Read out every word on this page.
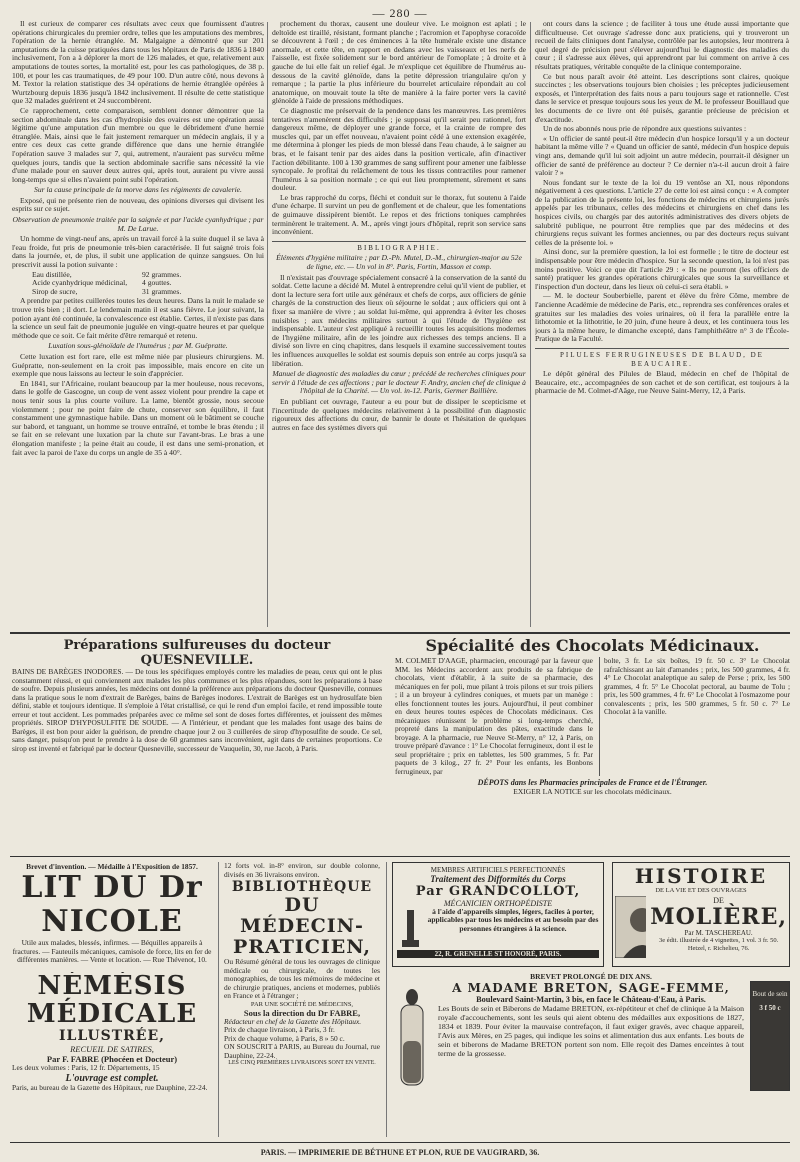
— 280 —

Il est curieux de comparer ces résultats avec ceux que fournissent d'autres opérations chirurgicales du premier ordre, telles que les amputations des membres, l'opération de la hernie étranglée. M. Malgaigne a démontré que sur 201 amputations de la cuisse pratiquées dans tous les hôpitaux de Paris de 1836 à 1840 inclusivement, l'on a à déplorer la mort de 126 malades, et que, relativement aux amputations de toutes sortes, la mortalité est, pour les cas pathologiques, de 38 p. 100, et pour les cas traumatiques, de 49 pour 100. D'un autre côté, nous devons à M. Textor la relation statistique des 34 opérations de hernie étranglée opérées à Wurtzbourg depuis 1836 jusqu'à 1842 inclusivement. Il résulte de cette statistique que 32 malades guérirent et 24 succombèrent.

Ce rapprochement, cette comparaison, semblent donner démontrer que la section abdominale dans les cas d'hydropisie des ovaires est une opération aussi légitime qu'une amputation d'un membre ou que le débridement d'une hernie étranglée. Mais, ainsi que le fait justement remarquer un médecin anglais, il y a entre ces deux cas cette grande différence que dans une hernie étranglée l'opération sauve 3 malades sur 7, qui, autrement, n'auraient pas survécu même quelques jours, tandis que la section abdominale sacrifie sans nécessité la vie d'une malade pour en sauver deux autres qui, après tout, auraient pu vivre aussi long-temps que si elles n'avaient point subi l'opération.

Sur la cause principale de la morve dans les régiments de cavalerie.

Exposé, qui ne présente rien de nouveau, des opinions diverses qui divisent les esprits sur ce sujet.

Observation de pneumonie traitée par la saignée et par l'acide cyanhydrique ; par M. De Larue.

Un homme de vingt-neuf ans, après un travail forcé à la suite duquel il se lava à l'eau froide, fut pris de pneumonie très-bien caractérisée. Il fut saigné trois fois dans la journée, et, de plus, il subit une application de quinze sangsues. On lui prescrivit aussi la potion suivante :

Eau distillée,	92 grammes.
Acide cyanhydrique médicinal,	4 gouttes.
Sirop de sucre,	31 grammes.

A prendre par petites cuillerées toutes les deux heures. Dans la nuit le malade se trouve très bien ; il dort. Le lendemain matin il est sans fièvre. Le jour suivant, la potion ayant été continuée, la convalescence est établie. Certes, il n'existe pas dans la science un seul fait de pneumonie jugulée en vingt-quatre heures et par quelque méthode que ce soit. Ce fait mérite d'être remarqué et retenu.

Luxation sous-glénoïdale de l'humérus ; par M. Guépratte.

Cette luxation est fort rare, elle est même niée par plusieurs chirurgiens. M. Guépratte, non-seulement en la croit pas impossible, mais encore en cite un exemple que nous laissons au lecteur le soin d'apprécier.

En 1841, sur l'Africaine, roulant beaucoup par la mer houleuse, nous recevons, dans le golfe de Gascogne, un coup de vent assez violent pour prendre la cape et nous tenir sous la plus courte voilure. La lame, bientôt grossie, nous secoue violemment ; pour ne point faire de chute, conserver son équilibre, il faut constamment une gymnastique habile. Dans un moment où le bâtiment se couche sur babord, et tanguant, un homme se trouve entraîné, et tombe le bras étendu ; il se fait en se relevant une luxation par la chute sur l'avant-bras. Le bras a une élongation manifeste ; la peine était au coude, il est dans une semi-pronation, et fait avec la paroi de l'axe du corps un angle de 35 à 40°.

prochement du thorax, causent une douleur vive. Le moignon est aplati ; le deltoïde est tiraillé, résistant, formant planche ; l'acromion et l'apophyse coracoïde se découvrent à l'œil ; de ces éminences à la tête humérale existe une distance anormale, et cette tête, en rapport en dedans avec les vaisseaux et les nerfs de l'aisselle, est fixée solidement sur le bord antérieur de l'omoplate ; à droite et à gauche de lui elle fait un relief égal. Je m'explique cet équilibre de l'humérus au-dessous de la cavité glénoïde, dans la petite dépression triangulaire qu'on y remarque ; la partie la plus inférieure du bourrelet articulaire répondait au col anatomique, on mouvait toute la tête de manière à la faire porter vers la cavité glénoïde à l'aide de pressions méthodiques.

Ce diagnostic me préservait de la pendence dans les manœuvres. Les premières tentatives n'amenèrent des difficultés ; je supposai qu'il serait peu rationnel, fort dangereux même, de déployer une grande force, et la crainte de rompre des muscles qui, par un effet nouveau, n'avaient point cédé à une extension exagérée, me détermina à plonger les pieds de mon blessé dans l'eau chaude, à le saigner au bras, et le faisant tenir par des aides dans la position verticale, afin d'inactiver l'action débilitante. 100 à 130 grammes de sang suffirent pour amener une faiblesse syncopale. Je profitai du relâchement de tous les tissus contractiles pour ramener l'humérus à sa position normale ; ce qui eut lieu promptement, sûrement et sans douleur.

Le bras rapproché du corps, fléchi et conduit sur le thorax, fut soutenu à l'aide d'une écharpe. Il survint un peu de gonflement et de chaleur, que les fomentations de guimauve dissipèrent bientôt. Le repos et des frictions toniques camphrées terminèrent le traitement. A. M., après vingt jours d'hôpital, reprit son service sans inconvénient.

BIBLIOGRAPHIE.

Éléments d'hygiène militaire ; par D.-Ph. Mutel, D.-M., chirurgien-major au 52e de ligne, etc. — Un vol in 8°. Paris, Fortin, Masson et comp.

Il n'existait pas d'ouvrage spécialement consacré à la conservation de la santé du soldat. Cette lacune a décidé M. Mutel à entreprendre celui qu'il vient de publier, et dont la lecture sera fort utile aux généraux et chefs de corps, aux officiers de génie chargés de la construction des lieux où séjourne le soldat ; aux officiers qui ont à fixer sa manière de vivre ; au soldat lui-même, qui apprendra à éviter les choses nuisibles ; aux médecins militaires surtout à qui l'étude de l'hygiène est indispensable. L'auteur s'est appliqué à recueillir toutes les acquisitions modernes de l'hygiène militaire, afin de les joindre aux richesses des temps anciens. Il a divisé son livre en cinq chapitres, dans lesquels il examine successivement toutes les influences auxquelles le soldat est soumis depuis son entrée au corps jusqu'à sa libération.

Manuel de diagnostic des maladies du cœur ; précédé de recherches cliniques pour servir à l'étude de ces affections ; par le docteur F. Andry, ancien chef de clinique à l'hôpital de la Charité. — Un vol. in-12. Paris, Germer Baillière.

En publiant cet ouvrage, l'auteur a eu pour but de dissiper le scepticisme et l'incertitude de quelques médecins relativement à la possibilité d'un diagnostic rigoureux des affections du cœur, de bannir le doute et l'hésitation de quelques autres en face des systèmes divers qui

ont cours dans la science ; de faciliter à tous une étude aussi importante que difficultueuse. Cet ouvrage s'adresse donc aux praticiens, qui y trouveront un recueil de faits cliniques dont l'analyse, contrôlée par les autopsies, leur montrera à quel degré de précision peut s'élever aujourd'hui le diagnostic des maladies du cœur ; il s'adresse aux élèves, qui apprendront par lui comment on arrive à ces résultats pratiques, véritable conquête de la clinique contemporaine.

Ce but nous paraît avoir été atteint. Les descriptions sont claires, quoique succinctes ; les observations toujours bien choisies ; les préceptes judicieusement exposés, et l'interprétation des faits nous a paru toujours sage et rationnelle. C'est dans le service et presque toujours sous les yeux de M. le professeur Bouillaud que les documents de ce livre ont été puisés, garantie précieuse de précision et d'exactitude.

Un de nos abonnés nous prie de répondre aux questions suivantes :

« Un officier de santé peut-il être médecin d'un hospice lorsqu'il y a un docteur habitant la même ville ? « Quand un officier de santé, médecin d'un hospice depuis vingt ans, demande qu'il lui soit adjoint un autre médecin, pourrait-il désigner un officier de santé de préférence au docteur ? Ce dernier n'a-t-il aucun droit à faire valoir ? »

Nous fondant sur le texte de la loi du 19 ventôse an XI, nous répondons négativement à ces questions. L'article 27 de cette loi est ainsi conçu : « A compter de la publication de la présente loi, les fonctions de médecins et chirurgiens jurés appelés par les tribunaux, celles des médecins et chirurgiens en chef dans les hospices civils, ou chargés par des autorités administratives des divers objets de salubrité publique, ne pourront être remplies que par des médecins et des chirurgiens reçus suivant les formes anciennes, ou par des docteurs reçus suivant celles de la présente loi. »

Ainsi donc, sur la première question, la loi est formelle ; le titre de docteur est indispensable pour être médecin d'hospice. Sur la seconde question, la loi n'est pas moins positive. Voici ce que dit l'article 29 : « Ils ne pourront (les officiers de santé) pratiquer les grandes opérations chirurgicales que sous la surveillance et l'inspection d'un docteur, dans les lieux où celui-ci sera établi. »

— M. le docteur Souberbielle, parent et élève du frère Côme, membre de l'ancienne Académie de médecine de Paris, etc., reprendra ses conférences orales et gratuites sur les maladies des voies urinaires, où il fera la parallèle entre la lithotomie et la lithotritie, le 20 juin, d'une heure à deux, et les continuera tous les jours à la même heure, le dimanche excepté, dans l'amphithéâtre n° 3 de l'École-Pratique de la Faculté.

PILULES FERRUGINEUSES DE BLAUD, DE BEAUCAIRE.

Le dépôt général des Pilules de Blaud, médecin en chef de l'hôpital de Beaucaire, etc., accompagnées de son cachet et de son certificat, est toujours à la pharmacie de M. Colmet-d'Aâge, rue Neuve Saint-Merry, 12, à Paris.

Préparations sulfureuses du docteur QUESNEVILLE.
BAINS DE BARÈGES INODORES. — De tous les spécifiques employés contre les maladies de peau, ceux qui ont le plus constamment réussi, et qui conviennent aux malades les plus communes et les plus répandues, sont les préparations à base de soufre. Depuis plusieurs années, les médecins ont donné la préférence aux préparations du docteur Quesneville, connues dans la pratique sous le nom d'extrait de Barèges, bains de Barèges inodores. L'extrait de Barèges est un hydrosulfate bien défini, stable et toujours identique. Il s'emploie à l'état cristallisé, ce qui le rend d'un emploi facile, et rend impossible toute erreur et tout accident. Les pommades préparées avec ce même sel sont de doses fortes différentes, et jouissent des mêmes propriétés. SIROP D'HYPOSULFITE DE SOUDE. — A l'intérieur, et pendant que les malades font usage des bains de Barèges, il est bon pour aider la guérison, de prendre chaque jour 2 ou 3 cuillerées de sirop d'hyposulfite de soude. Ce sel, sans danger, puisqu'on peut le prendre à la dose de 60 grammes sans inconvénient, agit dans de certaines proportions. Ce sirop est inventé et fabriqué par le docteur Quesneville, successeur de Vauquelin, 30, rue Jacob, à Paris.
Spécialité des Chocolats Médicinaux.
M. COLMET D'AAGE, pharmacien, encouragé par la faveur que MM. les Médecins accordent aux produits de sa fabrique de chocolats, vient d'établir, à la suite de sa pharmacie, des mécaniques en fer poli, mue pilant à trois pilons et sur trois piliers ; il a un broyeur à cylindres coniques, et muets par un manège : elles fonctionnent toutes les jours. Aujourd'hui, il peut combiner en deux heures toutes espèces de Chocolats médicinaux. Ces mécaniques réunissent le problème si long-temps cherché, propreté dans la manipulation des pâtes, exactitude dans le broyage. A la pharmacie, rue Neuve St-Merry, n° 12, à Paris, on trouve préparé d'avance : 1° Le Chocolat ferrugineux, dont il est le seul propriétaire ; prix en tablettes, les 500 grammes, 5 fr. Par paquets de 3 kilog., 27 fr. 2° Pour les enfants, les Bonbons ferrugineux, par
bolte, 3 fr. Le six boîtes, 19 fr. 50 c. 3° Le Chocolat rafraîchissant au lait d'amandes ; prix, les 500 grammes, 4 fr. 4° Le Chocolat analeptique au salep de Perse ; prix, les 500 grammes, 4 fr. 5° Le Chocolat pectoral, au baume de Tolu ; prix, les 500 grammes, 4 fr. 6° Le Chocolat à l'osmazome pour convalescents ; prix, les 500 grammes, 5 fr. 50 c. 7° Le Chocolat à la vanille.
DÉPOTS dans les Pharmacies principales de France et de l'Étranger.
EXIGER LA NOTICE sur les chocolats médicinaux.
Brevet d'invention. — Médaille à l'Exposition de 1857.
LIT DU Dr NICOLE
Utile aux malades, blessés, infirmes. — Béquilles appareils à fractures. — Fauteuils mécaniques, camisole de force, lits en fer de différentes manières. — Vente et location. — Rue Thévenot, 10.
NÉMÉSIS MÉDICALE
ILLUSTRÉE,
RECUEIL DE SATIRES,
Par F. FABRE (Phocéen et Docteur)
Les deux volumes : Paris, 12 fr. Départements, 15
L'ouvrage est complet.
Paris, au bureau de la Gazette des Hôpitaux, rue Dauphine, 22-24.
12 forts vol. in-8° environ, sur double colonne, divisés en 36 livraisons environ.
BIBLIOTHÈQUE
DU MÉDECIN-PRATICIEN,
Ou Résumé général de tous les ouvrages de clinique médicale ou chirurgicale, de toutes les monographies, de tous les mémoires de médecine et de chirurgie pratiques, anciens et modernes, publiés en France et à l'étranger ;
PAR UNE SOCIÉTÉ DE MÉDECINS,
Sous la direction du Dr FABRE,
Rédacteur en chef de la Gazette des Hôpitaux.
Prix de chaque livraison, à Paris, 3 fr.
Prix de chaque volume, à Paris, 8 » 50 c.
ON SOUSCRIT à PARIS, au Bureau du Journal, rue Dauphine, 22-24.
LES CINQ PREMIÈRES LIVRAISONS SONT EN VENTE.
MEMBRES ARTIFICIELS PERFECTIONNÉS
Traitement des Difformités du Corps
Par GRANDCOLLOT,
MÉCANICIEN ORTHOPÉDISTE
à l'aide d'appareils simples, légers, faciles à porter, applicables par tous les médecins et au besoin par des personnes étrangères à la science.
22, R. GRENELLE ST HONORÉ, PARIS.
HISTOIRE
DE LA VIE ET DES OUVRAGES
DE
MOLIÈRE,
Par M. TASCHEREAU.
3e édit. illustrée de 4 vignettes, 1 vol. 3 fr. 50. Hetzel, r. Richelieu, 76.
BREVET PROLONGÉ DE DIX ANS.
A MADAME BRETON, SAGE-FEMME,
Boulevard Saint-Martin, 3 bis, en face le Château-d'Eau, à Paris.
Les Bouts de sein et Biberons de Madame BRETON, ex-répétiteur et chef de clinique à la Maison royale d'accouchements, sont les seuls qui aient obtenu des médailles aux expositions de 1827, 1834 et 1839. Pour éviter la mauvaise contrefaçon, il faut exiger gravés, avec chaque appareil, l'Avis aux Mères, en 25 pages, qui indique les soins et alimentation dus aux enfants. Les bouts de sein et biberons de Madame BRETON portent son nom. Elle reçoit des Dames enceintes à tout terme de la grossesse.
Bout de sein
3 f 50 c
PARIS. — IMPRIMERIE DE BÉTHUNE ET PLON, RUE DE VAUGIRARD, 36.
